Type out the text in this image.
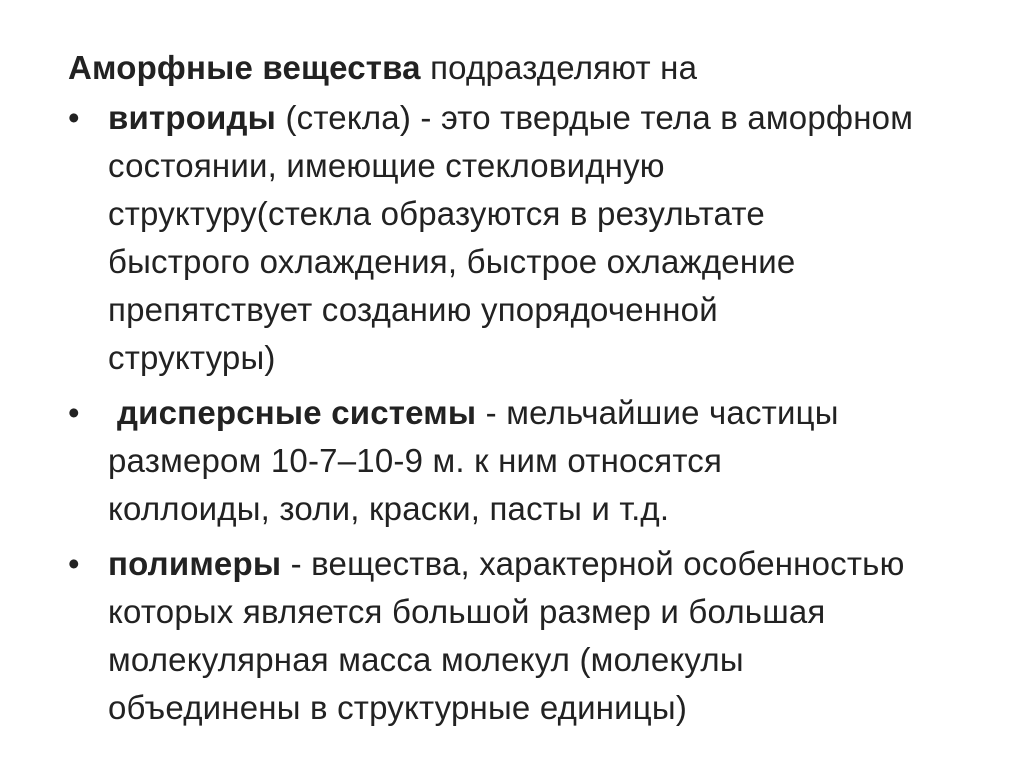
Аморфные вещества подразделяют на
• витроиды (стекла) - это твердые тела в аморфном
состоянии, имеющие стекловидную
структуру(стекла образуются в результате
быстрого охлаждения, быстрое охлаждение
препятствует созданию упорядоченной
структуры)
• дисперсные системы - мельчайшие частицы
размером 10-7–10-9 м. к ним относятся
коллоиды, золи, краски, пасты и т.д.
• полимеры - вещества, характерной особенностью
которых является большой размер и большая
молекулярная масса молекул (молекулы
объединены в структурные единицы)
